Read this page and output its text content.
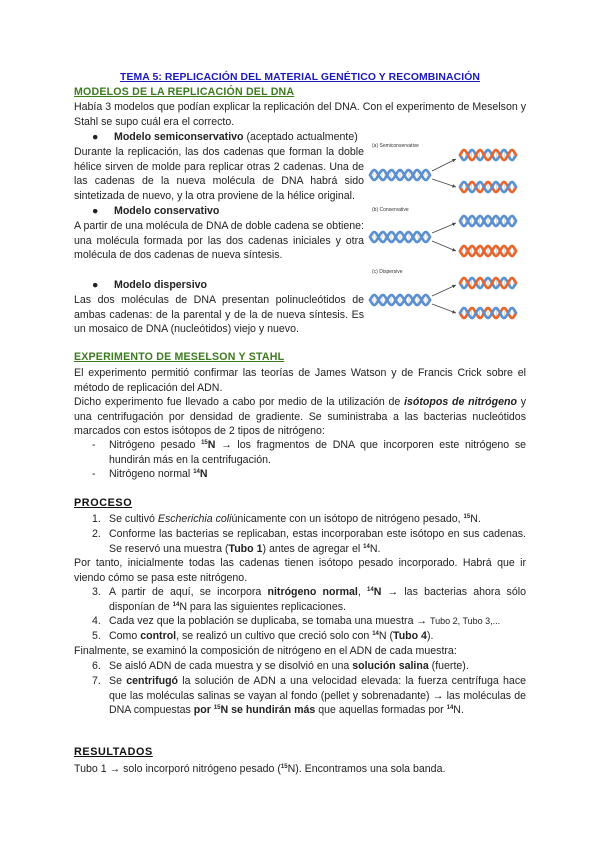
TEMA 5: REPLICACIÓN DEL MATERIAL GENÉTICO Y RECOMBINACIÓN
MODELOS DE LA REPLICACIÓN DEL DNA

Había 3 modelos que podían explicar la replicación del DNA. Con el experimento de Meselson y Stahl se supo cuál era el correcto.

● Modelo semiconservativo (aceptado actualmente)

Durante la replicación, las dos cadenas que forman la doble hélice sirven de molde para replicar otras 2 cadenas. Una de las cadenas de la nueva molécula de DNA habrá sido sintetizada de nuevo, y la otra proviene de la hélice original.

● Modelo conservativo

A partir de una molécula de DNA de doble cadena se obtiene: una molécula formada por las dos cadenas iniciales y otra molécula de dos cadenas de nueva síntesis.

● Modelo dispersivo

Las dos moléculas de DNA presentan polinucleótidos de ambas cadenas: de la parental y de la de nueva síntesis. Es un mosaico de DNA (nucleótidos) viejo y nuevo.

(a) Semiconservative
(b) Conservative
(c) Dispersive
EXPERIMENTO DE MESELSON Y STAHL

El experimento permitió confirmar las teorías de James Watson y de Francis Crick sobre el método de replicación del ADN.

Dicho experimento fue llevado a cabo por medio de la utilización de isótopos de nitrógeno y una centrifugación por densidad de gradiente. Se suministraba a las bacterias nucleótidos marcados con estos isótopos de 2 tipos de nitrógeno:

- Nitrógeno pesado $^{15}$N → los fragmentos de DNA que incorporen este nitrógeno se hundirán más en la centrifugación.

- Nitrógeno normal $^{14}$N

PROCESO
1. Se cultivó Escherichia coliúnicamente con un isótopo de nitrógeno pesado, $^{15}$N.

2. Conforme las bacterias se replicaban, estas incorporaban este isótopo en sus cadenas. Se reservó una muestra (Tubo 1) antes de agregar el $^{14}$N.

Por tanto, inicialmente todas las cadenas tienen isótopo pesado incorporado. Habrá que ir viendo cómo se pasa este nitrógeno.

3. A partir de aquí, se incorpora nitrógeno normal, $^{14}$N → las bacterias ahora sólo disponían de $^{14}$N para las siguientes replicaciones.

4. Cada vez que la población se duplicaba, se tomaba una muestra → Tubo 2, Tubo 3,...

5. Como control, se realizó un cultivo que creció solo con $^{14}$N (Tubo 4).

Finalmente, se examinó la composición de nitrógeno en el ADN de cada muestra:

6. Se aisló ADN de cada muestra y se disolvió en una solución salina (fuerte).

7. Se centrifugó la solución de ADN a una velocidad elevada: la fuerza centrífuga hace que las moléculas salinas se vayan al fondo (pellet y sobrenadante) → las moléculas de DNA compuestas por $^{15}$N se hundirán más que aquellas formadas por $^{14}$N.

RESULTADOS

Tubo 1 → solo incorporó nitrógeno pesado ($^{15}$N). Encontramos una sola banda.
